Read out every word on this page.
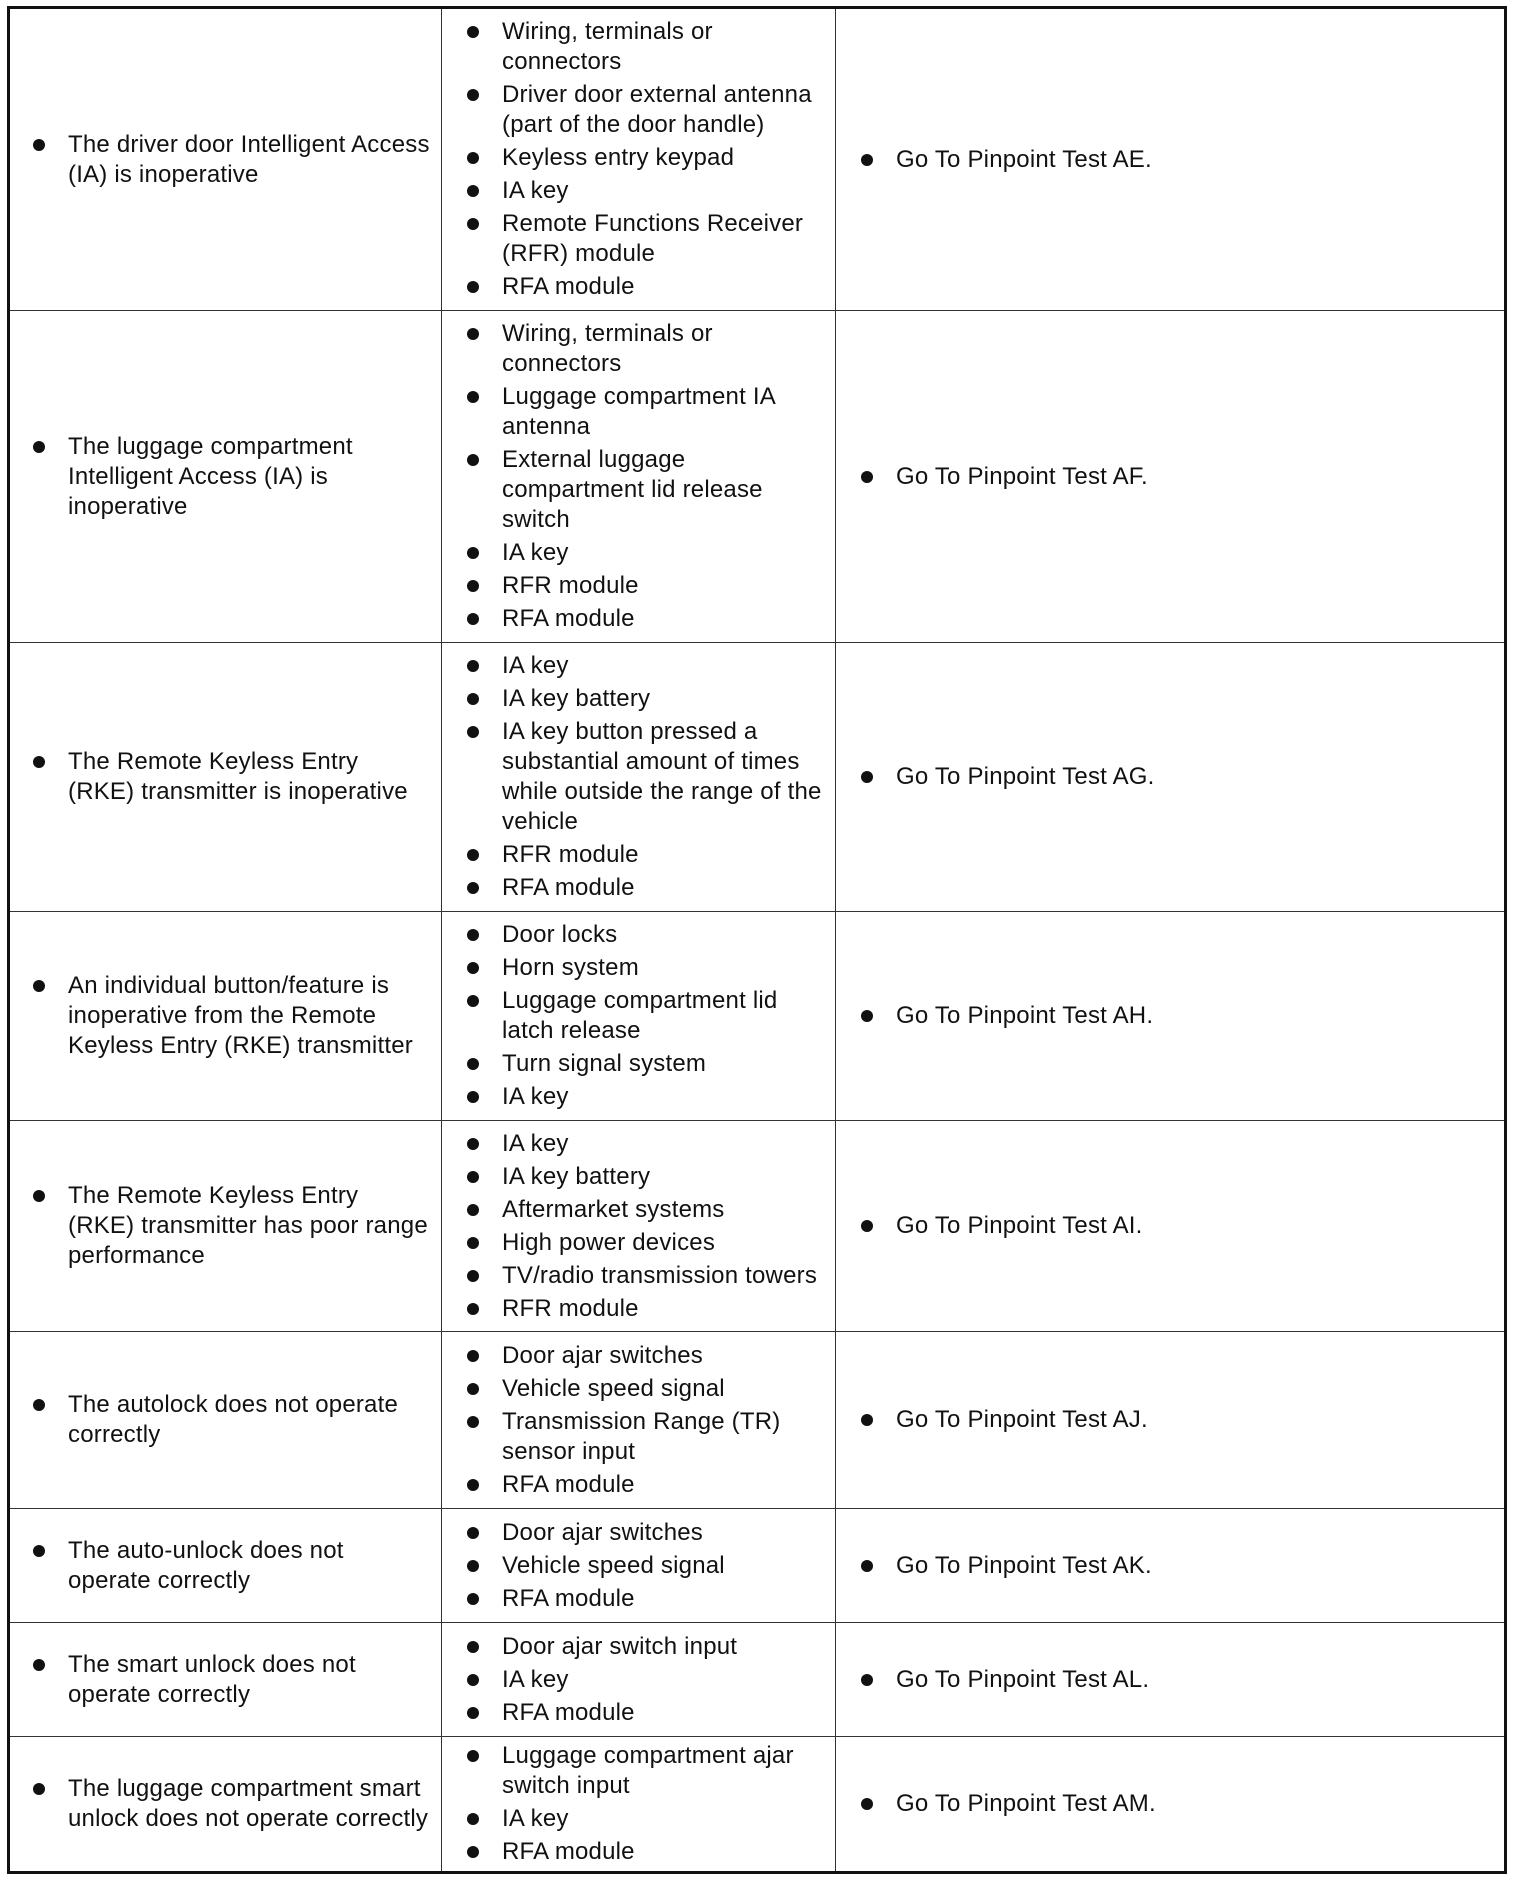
The driver door Intelligent Access (IA) is inoperative
Wiring, terminals or connectors
Driver door external antenna (part of the door handle)
Keyless entry keypad
IA key
Remote Functions Receiver (RFR) module
RFA module
Go To Pinpoint Test AE.
The luggage compartment Intelligent Access (IA) is inoperative
Wiring, terminals or connectors
Luggage compartment IA antenna
External luggage compartment lid release switch
IA key
RFR module
RFA module
Go To Pinpoint Test AF.
The Remote Keyless Entry (RKE) transmitter is inoperative
IA key
IA key battery
IA key button pressed a substantial amount of times while outside the range of the vehicle
RFR module
RFA module
Go To Pinpoint Test AG.
An individual button/feature is inoperative from the Remote Keyless Entry (RKE) transmitter
Door locks
Horn system
Luggage compartment lid latch release
Turn signal system
IA key
Go To Pinpoint Test AH.
The Remote Keyless Entry (RKE) transmitter has poor range performance
IA key
IA key battery
Aftermarket systems
High power devices
TV/radio transmission towers
RFR module
Go To Pinpoint Test AI.
The autolock does not operate correctly
Door ajar switches
Vehicle speed signal
Transmission Range (TR) sensor input
RFA module
Go To Pinpoint Test AJ.
The auto-unlock does not operate correctly
Door ajar switches
Vehicle speed signal
RFA module
Go To Pinpoint Test AK.
The smart unlock does not operate correctly
Door ajar switch input
IA key
RFA module
Go To Pinpoint Test AL.
The luggage compartment smart unlock does not operate correctly
Luggage compartment ajar switch input
IA key
RFA module
Go To Pinpoint Test AM.
